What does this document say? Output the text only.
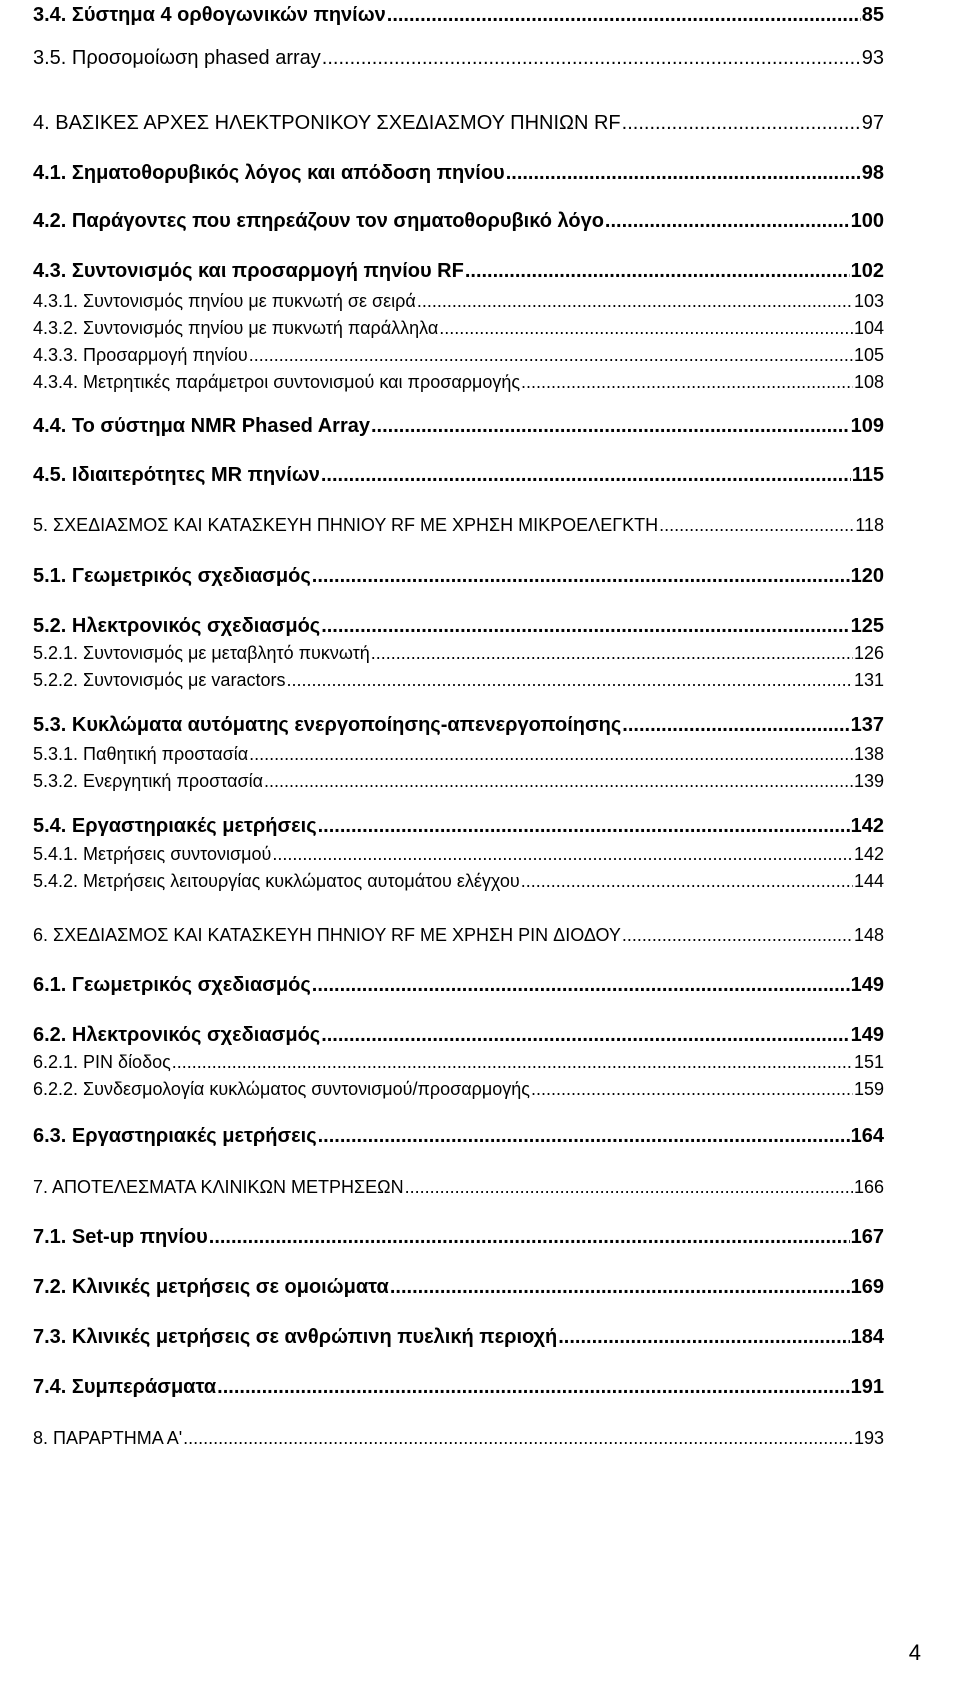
3.4. Σύστημα 4 ορθογωνικών πηνίων .....	85
3.5. Προσομοίωση phased array .....	93
4. ΒΑΣΙΚΕΣ ΑΡΧΕΣ ΗΛΕΚΤΡΟΝΙΚΟΥ ΣΧΕΔΙΑΣΜΟΥ ΠΗΝΙΩΝ RF .....	97
4.1. Σηματοθορυβικός λόγος και απόδοση πηνίου .....	98
4.2. Παράγοντες που επηρεάζουν τον σηματοθορυβικό λόγο .....	100
4.3. Συντονισμός και προσαρμογή πηνίου RF .....	102
4.3.1. Συντονισμός πηνίου με πυκνωτή σε σειρά .....	103
4.3.2. Συντονισμός πηνίου με πυκνωτή παράλληλα .....	104
4.3.3. Προσαρμογή πηνίου .....	105
4.3.4. Μετρητικές παράμετροι συντονισμού και προσαρμογής .....	108
4.4. Το σύστημα NMR Phased Array .....	109
4.5. Ιδιαιτερότητες MR πηνίων .....	115
5. ΣΧΕΔΙΑΣΜΟΣ ΚΑΙ ΚΑΤΑΣΚΕΥΗ ΠΗΝΙΟΥ RF ΜΕ ΧΡΗΣΗ ΜΙΚΡΟΕΛΕΓΚΤΗ .....	118
5.1. Γεωμετρικός σχεδιασμός .....	120
5.2. Ηλεκτρονικός σχεδιασμός .....	125
5.2.1. Συντονισμός με μεταβλητό πυκνωτή .....	126
5.2.2. Συντονισμός με varactors .....	131
5.3. Κυκλώματα αυτόματης ενεργοποίησης-απενεργοποίησης .....	137
5.3.1. Παθητική προστασία .....	138
5.3.2. Ενεργητική προστασία .....	139
5.4. Εργαστηριακές μετρήσεις .....	142
5.4.1. Μετρήσεις συντονισμού .....	142
5.4.2. Μετρήσεις λειτουργίας κυκλώματος αυτομάτου ελέγχου .....	144
6. ΣΧΕΔΙΑΣΜΟΣ ΚΑΙ ΚΑΤΑΣΚΕΥΗ ΠΗΝΙΟΥ RF ΜΕ ΧΡΗΣΗ PIN ΔΙΟΔΟΥ .....	148
6.1. Γεωμετρικός σχεδιασμός .....	149
6.2. Ηλεκτρονικός σχεδιασμός .....	149
6.2.1. PIN δίοδος .....	151
6.2.2. Συνδεσμολογία κυκλώματος συντονισμού/προσαρμογής .....	159
6.3. Εργαστηριακές μετρήσεις .....	164
7. ΑΠΟΤΕΛΕΣΜΑΤΑ ΚΛΙΝΙΚΩΝ ΜΕΤΡΗΣΕΩΝ .....	166
7.1. Set-up πηνίου .....	167
7.2. Κλινικές μετρήσεις σε ομοιώματα .....	169
7.3. Κλινικές μετρήσεις σε ανθρώπινη πυελική περιοχή .....	184
7.4. Συμπεράσματα .....	191
8. ΠΑΡΑΡΤΗΜΑ Α' .....	193
4
